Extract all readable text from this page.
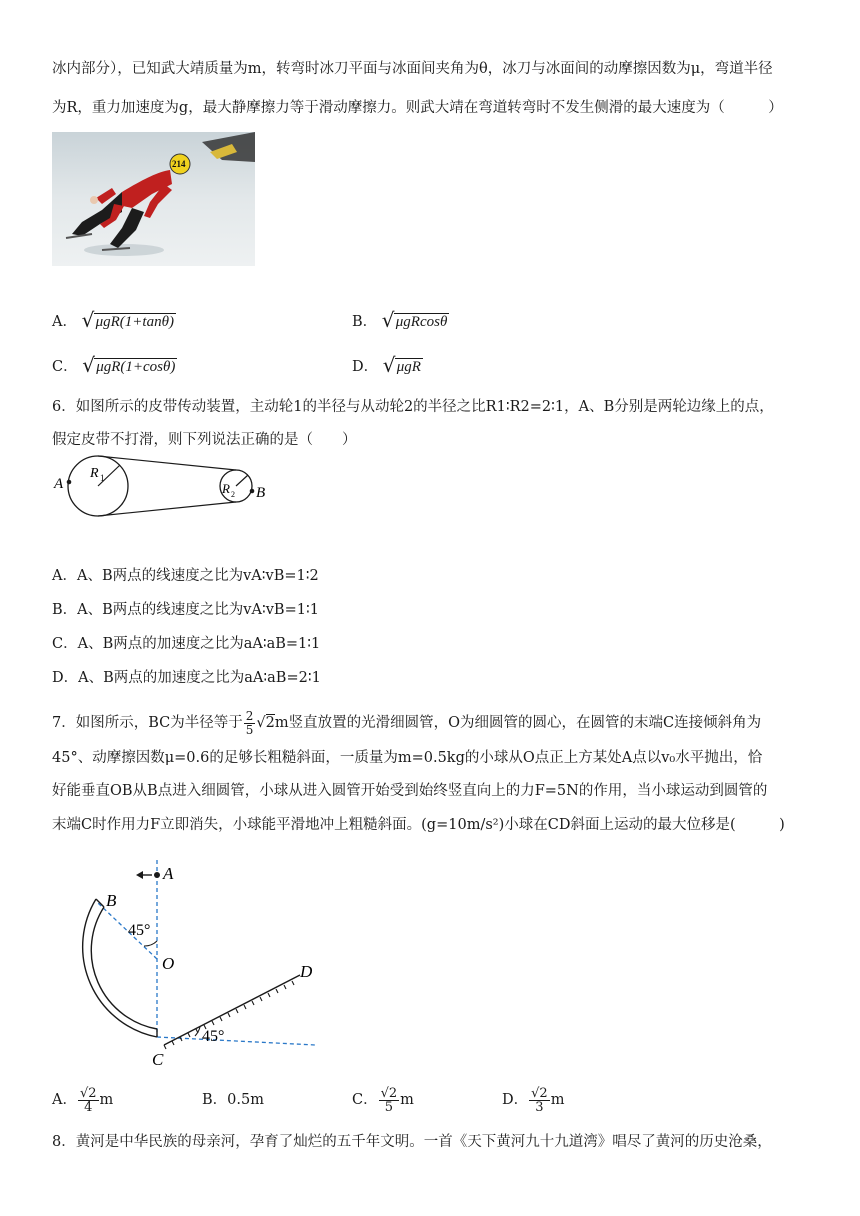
冰内部分），已知武大靖质量为m，转弯时冰刀平面与冰面间夹角为θ，冰刀与冰面间的动摩擦因数为μ，弯道半径
为R，重力加速度为g，最大静摩擦力等于滑动摩擦力。则武大靖在弯道转弯时不发生侧滑的最大速度为（　　　）
214
A． √ μgR(1+tanθ)	B． √ μgRcosθ
C． √ μgR(1+cosθ)	D． √ μgR
6．如图所示的皮带传动装置，主动轮1的半径与从动轮2的半径之比R1∶R2=2∶1，A、B分别是两轮边缘上的点，
假定皮带不打滑，则下列说法正确的是（　　）
A
B
R 1
R 2
A．A、B两点的线速度之比为vA∶vB=1∶2
B．A、B两点的线速度之比为vA∶vB=1∶1
C．A、B两点的加速度之比为aA∶aB=1∶1
D．A、B两点的加速度之比为aA∶aB=2∶1
7．如图所示，BC为半径等于 $\frac{2}{5} √2m$竖直放置的光滑细圆管，O为细圆管的圆心，在圆管的末端C连接倾斜角为
45°、动摩擦因数μ=0.6的足够长粗糙斜面，一质量为m=0.5kg的小球从O点正上方某处A点以v₀水平抛出，恰
好能垂直OB从B点进入细圆管，小球从进入圆管开始受到始终竖直向上的力F=5N的作用，当小球运动到圆管的
末端C时作用力F立即消失，小球能平滑地冲上粗糙斜面。(g=10m/s²)小球在CD斜面上运动的最大位移是(　　　)
A
B
45°
O
C
D
45°
A． $\frac{√2}{4}$ m	B．0.5m	C． $\frac{√2}{5}$ m	D． $\frac{√2}{3}$ m
8．黄河是中华民族的母亲河，孕育了灿烂的五千年文明。一首《天下黄河九十九道湾》唱尽了黄河的历史沧桑，
